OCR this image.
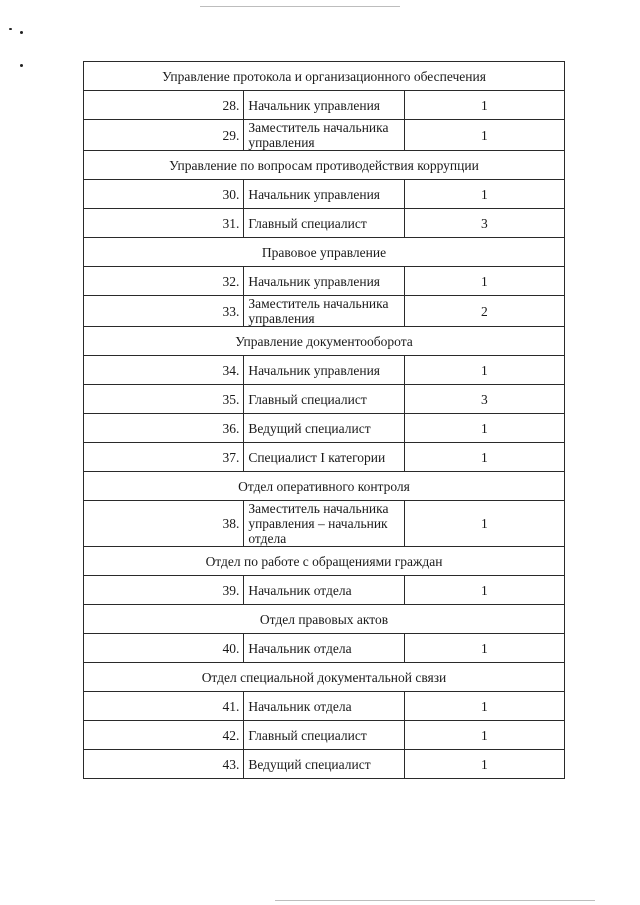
Управление протокола и организационного обеспечения		
28.	Начальник управления	1
29.	Заместитель начальника управления	1
Управление по вопросам противодействия коррупции		
30.	Начальник управления	1
31.	Главный специалист	3
Правовое управление		
32.	Начальник управления	1
33.	Заместитель начальника управления	2
Управление документооборота		
34.	Начальник управления	1
35.	Главный специалист	3
36.	Ведущий специалист	1
37.	Специалист I категории	1
Отдел оперативного контроля		
38.	Заместитель начальника управления – начальник отдела	1
Отдел по работе с обращениями граждан		
39.	Начальник отдела	1
Отдел правовых актов		
40.	Начальник отдела	1
Отдел специальной документальной связи		
41.	Начальник отдела	1
42.	Главный специалист	1
43.	Ведущий специалист	1
